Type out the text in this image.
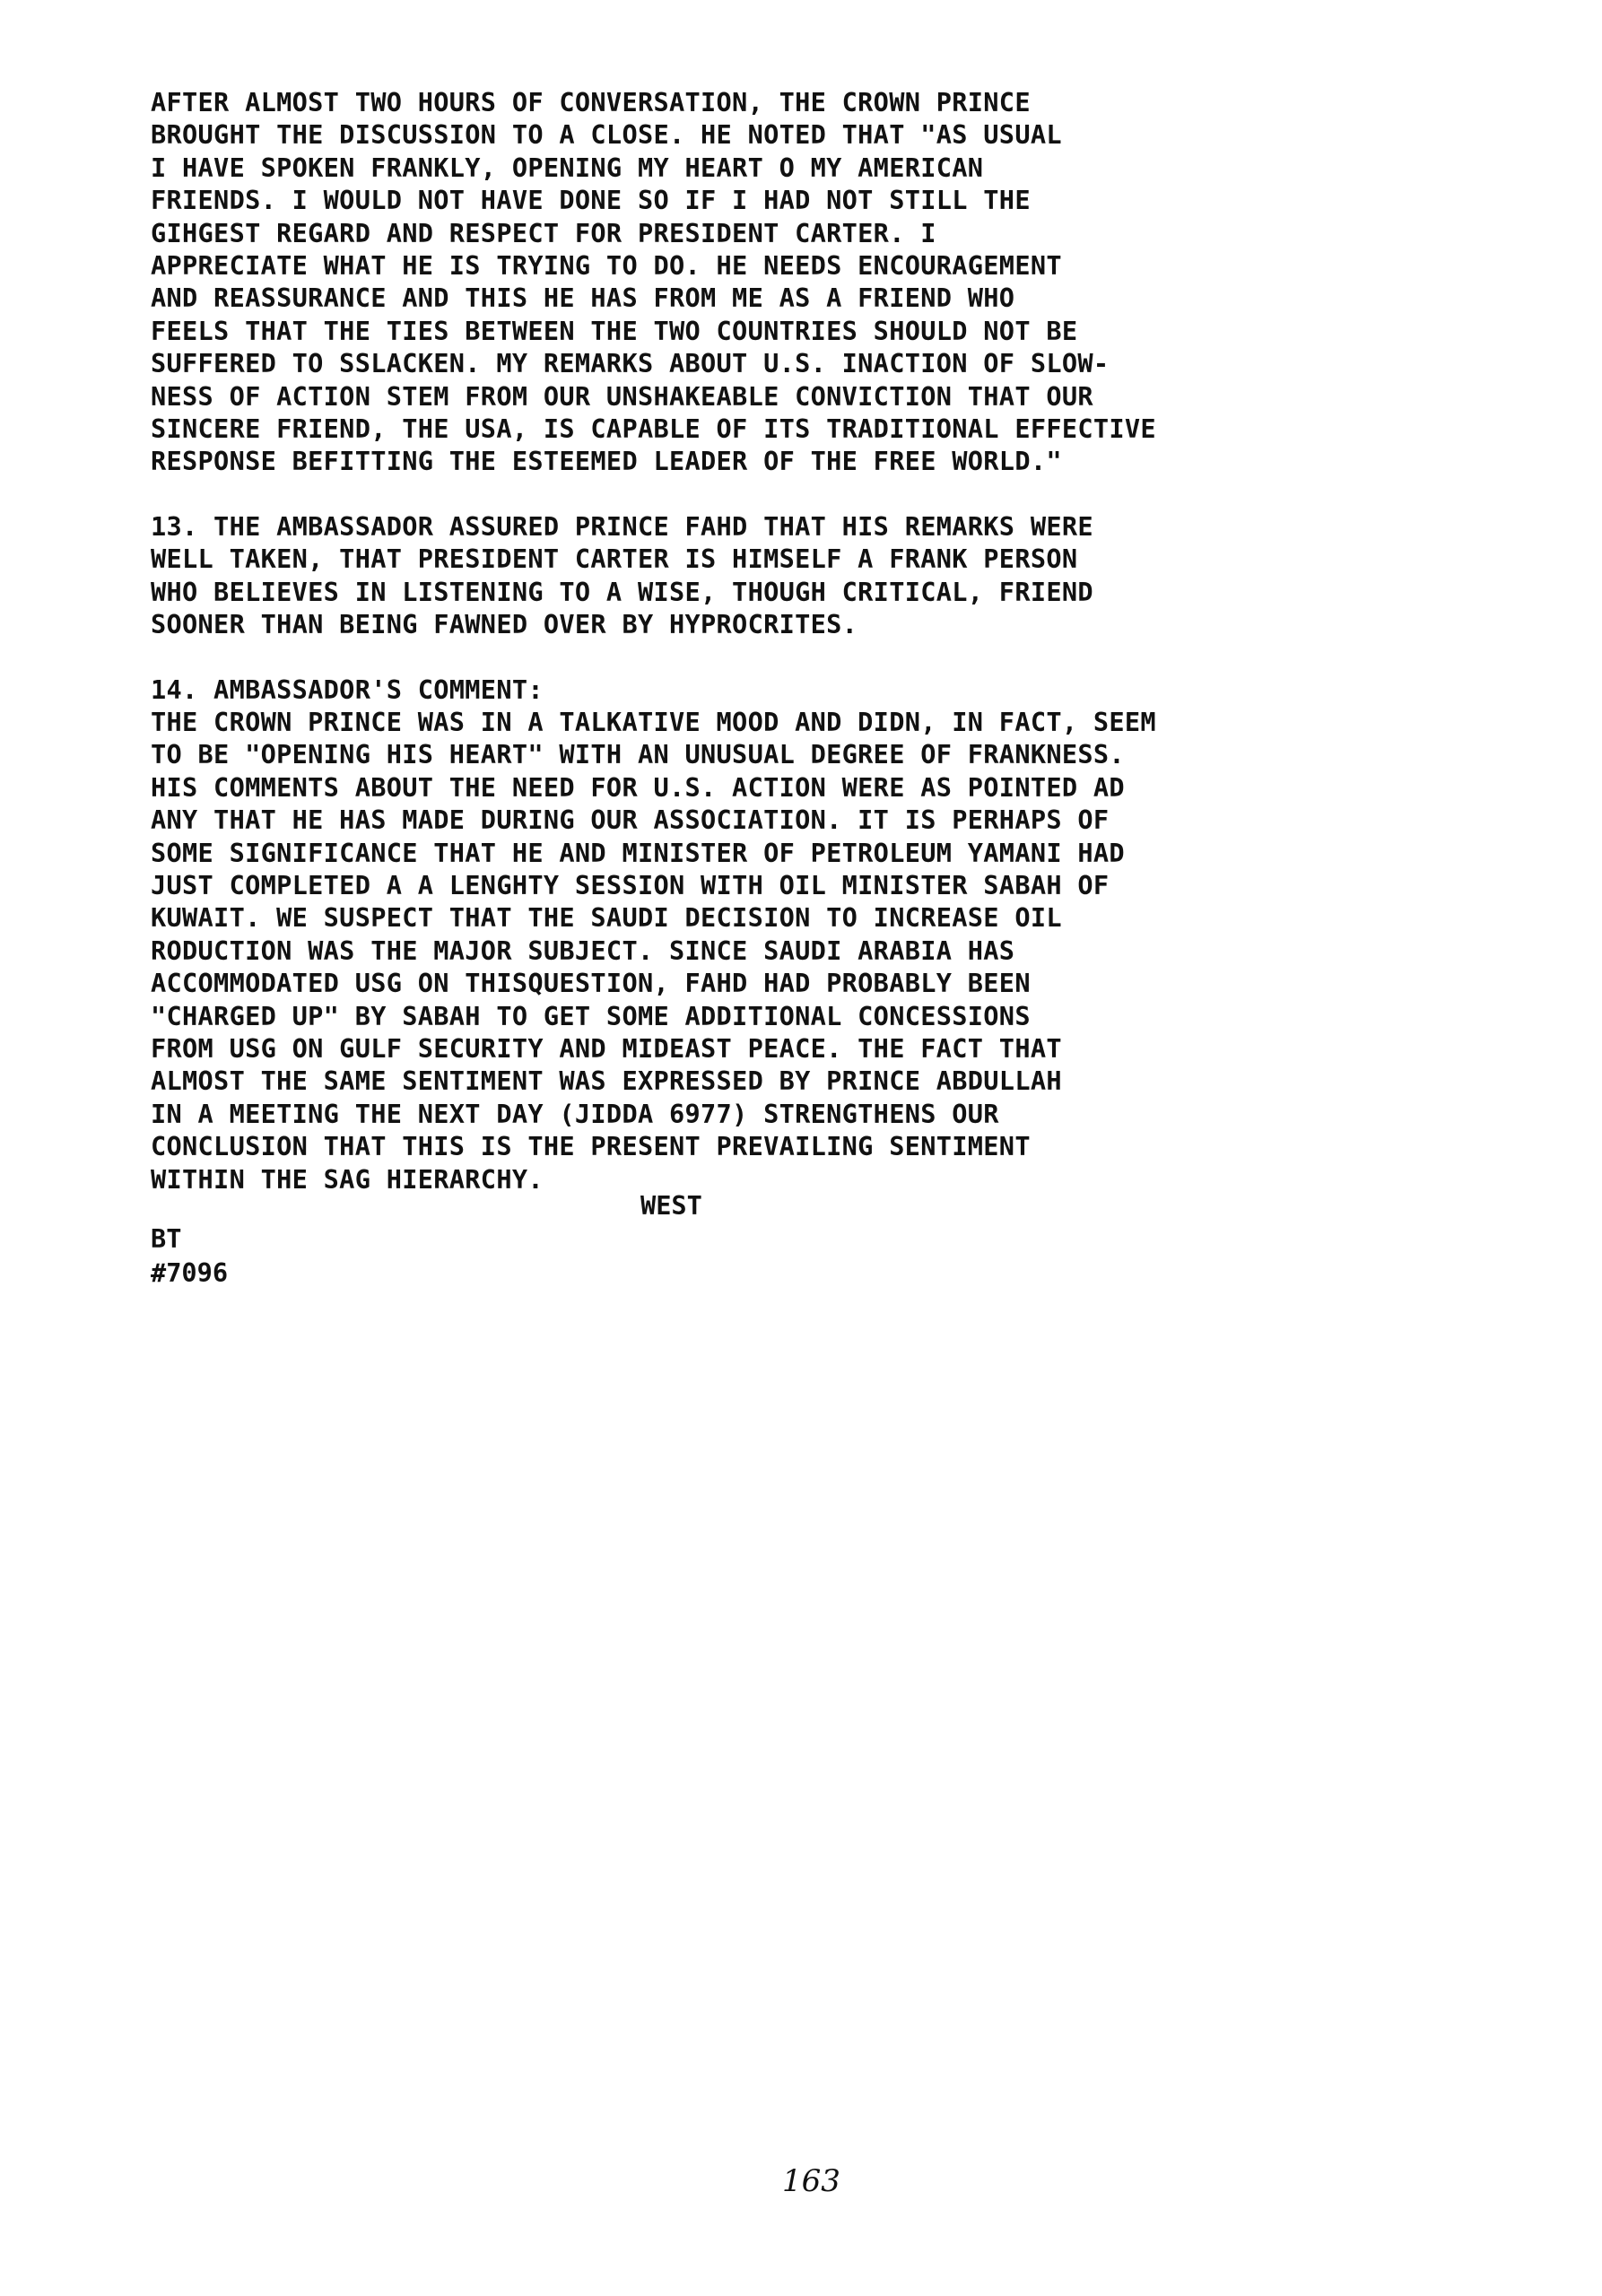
AFTER ALMOST TWO HOURS OF CONVERSATION, THE CROWN PRINCE
BROUGHT THE DISCUSSION TO A CLOSE. HE NOTED THAT "AS USUAL
I HAVE SPOKEN FRANKLY, OPENING MY HEART O MY AMERICAN
FRIENDS. I WOULD NOT HAVE DONE SO IF I HAD NOT STILL THE
GIHGEST REGARD AND RESPECT FOR PRESIDENT CARTER. I
APPRECIATE WHAT HE IS TRYING TO DO. HE NEEDS ENCOURAGEMENT
AND REASSURANCE AND THIS HE HAS FROM ME AS A FRIEND WHO
FEELS THAT THE TIES BETWEEN THE TWO COUNTRIES SHOULD NOT BE
SUFFERED TO SSLACKEN. MY REMARKS ABOUT U.S. INACTION OF SLOW-
NESS OF ACTION STEM FROM OUR UNSHAKEABLE CONVICTION THAT OUR
SINCERE FRIEND, THE USA, IS CAPABLE OF ITS TRADITIONAL EFFECTIVE
RESPONSE BEFITTING THE ESTEEMED LEADER OF THE FREE WORLD."

13. THE AMBASSADOR ASSURED PRINCE FAHD THAT HIS REMARKS WERE
WELL TAKEN, THAT PRESIDENT CARTER IS HIMSELF A FRANK PERSON
WHO BELIEVES IN LISTENING TO A WISE, THOUGH CRITICAL, FRIEND
SOONER THAN BEING FAWNED OVER BY HYPROCRITES.

14. AMBASSADOR'S COMMENT:
THE CROWN PRINCE WAS IN A TALKATIVE MOOD AND DIDN, IN FACT, SEEM
TO BE "OPENING HIS HEART" WITH AN UNUSUAL DEGREE OF FRANKNESS.
HIS COMMENTS ABOUT THE NEED FOR U.S. ACTION WERE AS POINTED AD
ANY THAT HE HAS MADE DURING OUR ASSOCIATION. IT IS PERHAPS OF
SOME SIGNIFICANCE THAT HE AND MINISTER OF PETROLEUM YAMANI HAD
JUST COMPLETED A A LENGHTY SESSION WITH OIL MINISTER SABAH OF
KUWAIT. WE SUSPECT THAT THE SAUDI DECISION TO INCREASE OIL
RODUCTION WAS THE MAJOR SUBJECT. SINCE SAUDI ARABIA HAS
ACCOMMODATED USG ON THISQUESTION, FAHD HAD PROBABLY BEEN
"CHARGED UP" BY SABAH TO GET SOME ADDITIONAL CONCESSIONS
FROM USG ON GULF SECURITY AND MIDEAST PEACE. THE FACT THAT
ALMOST THE SAME SENTIMENT WAS EXPRESSED BY PRINCE ABDULLAH
IN A MEETING THE NEXT DAY (JIDDA 6977) STRENGTHENS OUR
CONCLUSION THAT THIS IS THE PRESENT PREVAILING SENTIMENT
WITHIN THE SAG HIERARCHY.

WEST
BT
#7096
163
